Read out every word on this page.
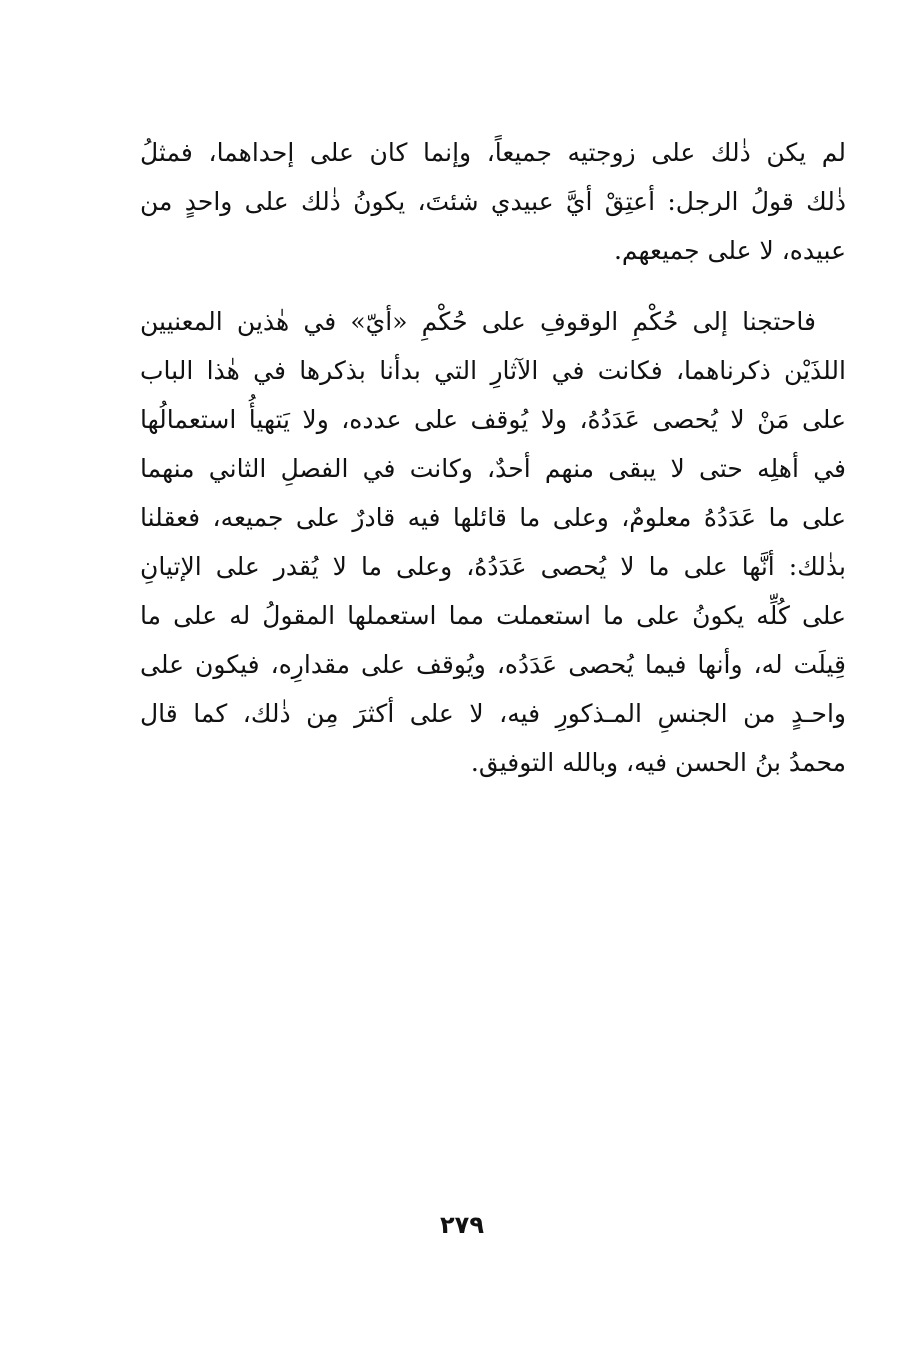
لم يكن ذٰلك على زوجتيه جميعاً، وإنما كان على إحداهما، فمثلُ
ذٰلك قولُ الرجل: أعتِقْ أيَّ عبيدي شئتَ، يكونُ ذٰلك على واحدٍ من
عبيده، لا على جميعهم.
فاحتجنا إلى حُكْمِ الوقوفِ على حُكْمِ «أيّ» في هٰذين المعنيين
اللذَيْن ذكرناهما، فكانت في الآثارِ التي بدأنا بذكرها في هٰذا الباب
على مَنْ لا يُحصى عَدَدُهُ، ولا يُوقف على عدده، ولا يَتهيأُ استعمالُها
في أهلِه حتى لا يبقى منهم أحدٌ، وكانت في الفصلِ الثاني منهما
على ما عَدَدُهُ معلومٌ، وعلى ما قائلها فيه قادرٌ على جميعه، فعقلنا
بذٰلك: أنَّها على ما لا يُحصى عَدَدُهُ، وعلى ما لا يُقدر على الإتيانِ
على كُلِّه يكونُ على ما استعملت مما استعملها المقولُ له على ما
قِيلَت له، وأنها فيما يُحصى عَدَدُه، ويُوقف على مقدارِه، فيكون على
واحـدٍ من الجنسِ المـذكورِ فيه، لا على أكثرَ مِن ذٰلك، كما قال
محمدُ بنُ الحسن فيه، وبالله التوفيق.
٢٧٩
